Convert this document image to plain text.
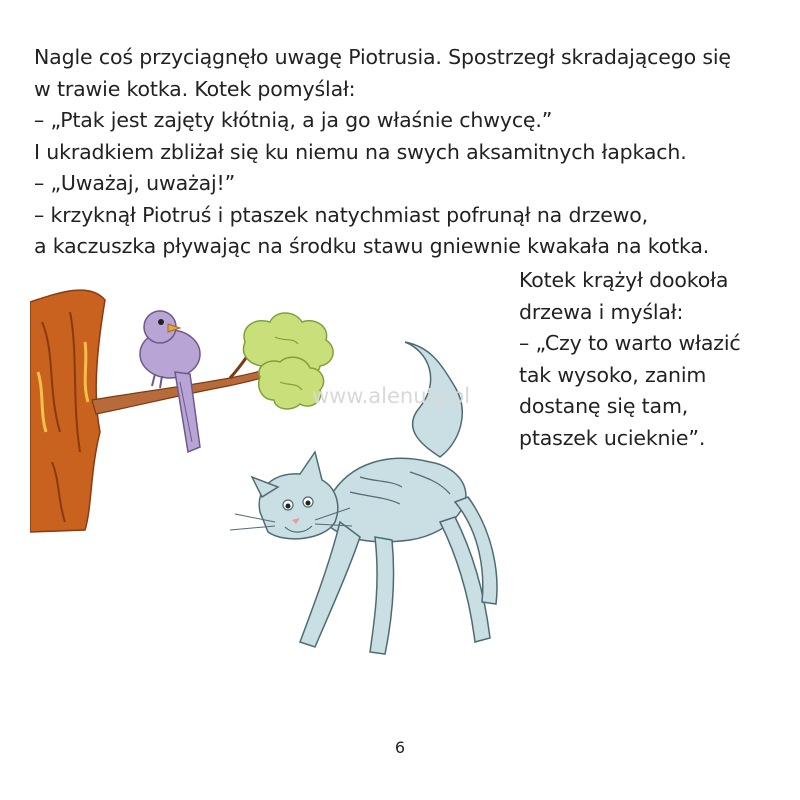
Nagle coś przyciągnęło uwagę Piotrusia. Spostrzegł skradającego się
w trawie kotka. Kotek pomyślał:
– „Ptak jest zajęty kłótnią, a ja go właśnie chwycę.”
I ukradkiem zbliżał się ku niemu na swych aksamitnych łapkach.
– „Uważaj, uważaj!”
– krzyknął Piotruś i ptaszek natychmiast pofrunął na drzewo,
a kaczuszka pływając na środku stawu gniewnie kwakała na kotka.
Kotek krążył dookoła
drzewa i myślał:
– „Czy to warto włazić
tak wysoko, zanim
dostanę się tam,
ptaszek ucieknie”.
www.alenuty.pl
6
